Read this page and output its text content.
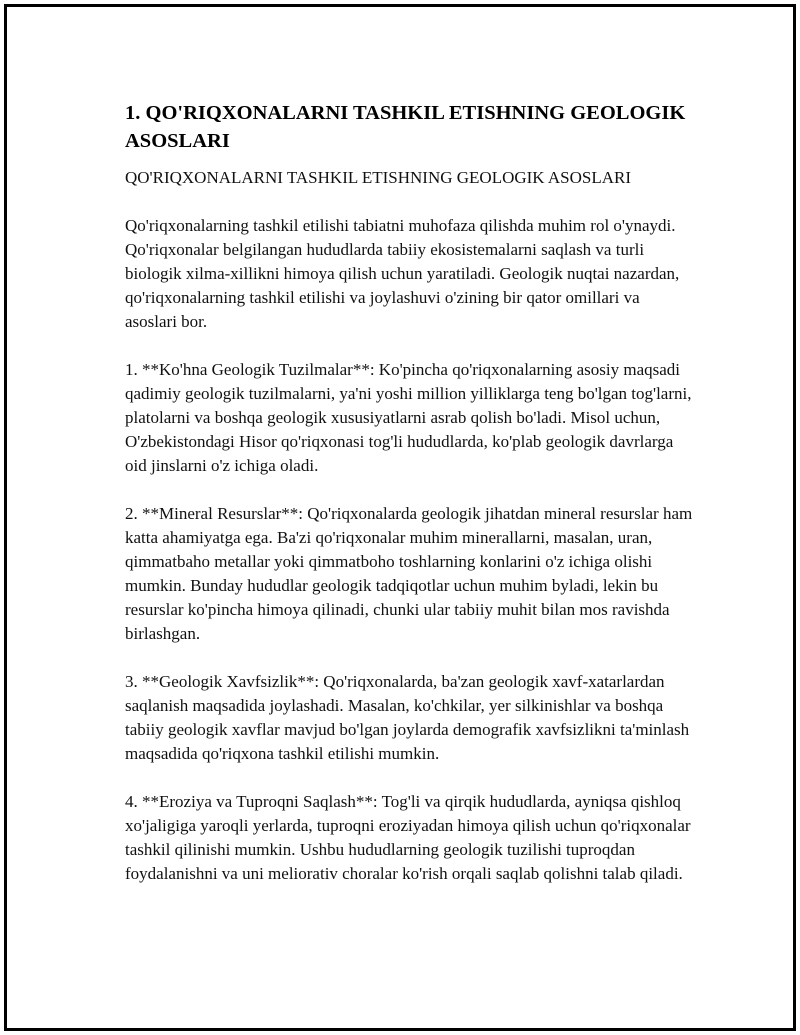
1. QO'RIQXONALARNI TASHKIL ETISHNING GEOLOGIK ASOSLARI

QO'RIQXONALARNI TASHKIL ETISHNING GEOLOGIK ASOSLARI

Qo'riqxonalarning tashkil etilishi tabiatni muhofaza qilishda muhim rol o'ynaydi. Qo'riqxonalar belgilangan hududlarda tabiiy ekosistemalarni saqlash va turli biologik xilma-xillikni himoya qilish uchun yaratiladi. Geologik nuqtai nazardan, qo'riqxonalarning tashkil etilishi va joylashuvi o'zining bir qator omillari va asoslari bor.

1. **Ko'hna Geologik Tuzilmalar**: Ko'pincha qo'riqxonalarning asosiy maqsadi qadimiy geologik tuzilmalarni, ya'ni yoshi million yilliklarga teng bo'lgan tog'larni, platolarni va boshqa geologik xususiyatlarni asrab qolish bo'ladi. Misol uchun, O'zbekistondagi Hisor qo'riqxonasi tog'li hududlarda, ko'plab geologik davrlarga oid jinslarni o'z ichiga oladi.

2. **Mineral Resurslar**: Qo'riqxonalarda geologik jihatdan mineral resurslar ham katta ahamiyatga ega. Ba'zi qo'riqxonalar muhim minerallarni, masalan, uran, qimmatbaho metallar yoki qimmatboho toshlarning konlarini o'z ichiga olishi mumkin. Bunday hududlar geologik tadqiqotlar uchun muhim byladi, lekin bu resurslar ko'pincha himoya qilinadi, chunki ular tabiiy muhit bilan mos ravishda birlashgan.

3. **Geologik Xavfsizlik**: Qo'riqxonalarda, ba'zan geologik xavf-xatarlardan saqlanish maqsadida joylashadi. Masalan, ko'chkilar, yer silkinishlar va boshqa tabiiy geologik xavflar mavjud bo'lgan joylarda demografik xavfsizlikni ta'minlash maqsadida qo'riqxona tashkil etilishi mumkin.

4. **Eroziya va Tuproqni Saqlash**: Tog'li va qirqik hududlarda, ayniqsa qishloq xo'jaligiga yaroqli yerlarda, tuproqni eroziyadan himoya qilish uchun qo'riqxonalar tashkil qilinishi mumkin. Ushbu hududlarning geologik tuzilishi tuproqdan foydalanishni va uni meliorativ choralar ko'rish orqali saqlab qolishni talab qiladi.
